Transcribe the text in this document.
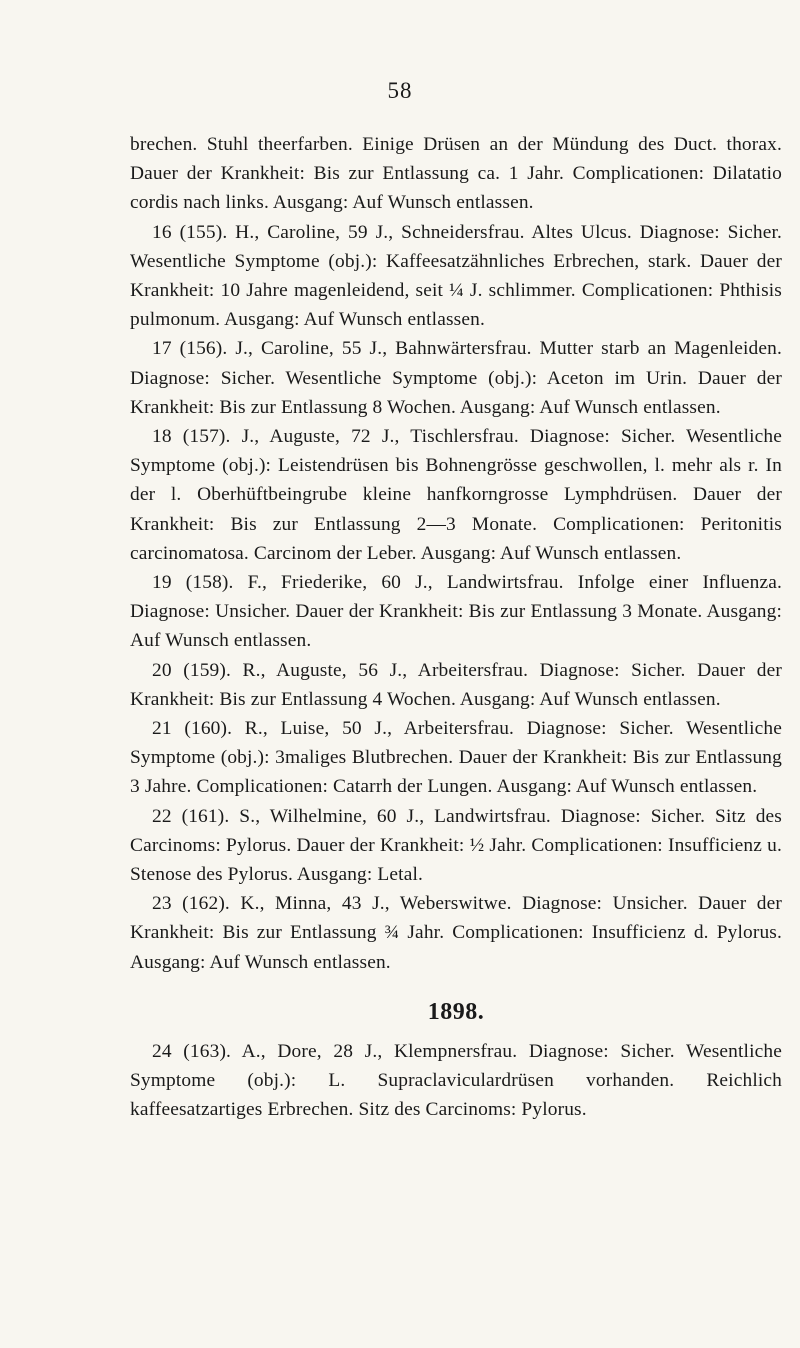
58

brechen. Stuhl theerfarben. Einige Drüsen an der Mündung des Duct. thorax. Dauer der Krankheit: Bis zur Entlassung ca. 1 Jahr. Complicationen: Dilatatio cordis nach links. Ausgang: Auf Wunsch entlassen.

16 (155). H., Caroline, 59 J., Schneidersfrau. Altes Ulcus. Diagnose: Sicher. Wesentliche Symptome (obj.): Kaffeesatzähnliches Erbrechen, stark. Dauer der Krankheit: 10 Jahre magenleidend, seit ¼ J. schlimmer. Complicationen: Phthisis pulmonum. Ausgang: Auf Wunsch entlassen.

17 (156). J., Caroline, 55 J., Bahnwärtersfrau. Mutter starb an Magenleiden. Diagnose: Sicher. Wesentliche Symptome (obj.): Aceton im Urin. Dauer der Krankheit: Bis zur Entlassung 8 Wochen. Ausgang: Auf Wunsch entlassen.

18 (157). J., Auguste, 72 J., Tischlersfrau. Diagnose: Sicher. Wesentliche Symptome (obj.): Leistendrüsen bis Bohnengrösse geschwollen, l. mehr als r. In der l. Oberhüftbeingrube kleine hanfkorngrosse Lymphdrüsen. Dauer der Krankheit: Bis zur Entlassung 2—3 Monate. Complicationen: Peritonitis carcinomatosa. Carcinom der Leber. Ausgang: Auf Wunsch entlassen.

19 (158). F., Friederike, 60 J., Landwirtsfrau. Infolge einer Influenza. Diagnose: Unsicher. Dauer der Krankheit: Bis zur Entlassung 3 Monate. Ausgang: Auf Wunsch entlassen.

20 (159). R., Auguste, 56 J., Arbeitersfrau. Diagnose: Sicher. Dauer der Krankheit: Bis zur Entlassung 4 Wochen. Ausgang: Auf Wunsch entlassen.

21 (160). R., Luise, 50 J., Arbeitersfrau. Diagnose: Sicher. Wesentliche Symptome (obj.): 3maliges Blutbrechen. Dauer der Krankheit: Bis zur Entlassung 3 Jahre. Complicationen: Catarrh der Lungen. Ausgang: Auf Wunsch entlassen.

22 (161). S., Wilhelmine, 60 J., Landwirtsfrau. Diagnose: Sicher. Sitz des Carcinoms: Pylorus. Dauer der Krankheit: ½ Jahr. Complicationen: Insufficienz u. Stenose des Pylorus. Ausgang: Letal.

23 (162). K., Minna, 43 J., Weberswitwe. Diagnose: Unsicher. Dauer der Krankheit: Bis zur Entlassung ¾ Jahr. Complicationen: Insufficienz d. Pylorus. Ausgang: Auf Wunsch entlassen.

1898.

24 (163). A., Dore, 28 J., Klempnersfrau. Diagnose: Sicher. Wesentliche Symptome (obj.): L. Supraclaviculardrüsen vorhanden. Reichlich kaffeesatzartiges Erbrechen. Sitz des Carcinoms: Pylorus.
